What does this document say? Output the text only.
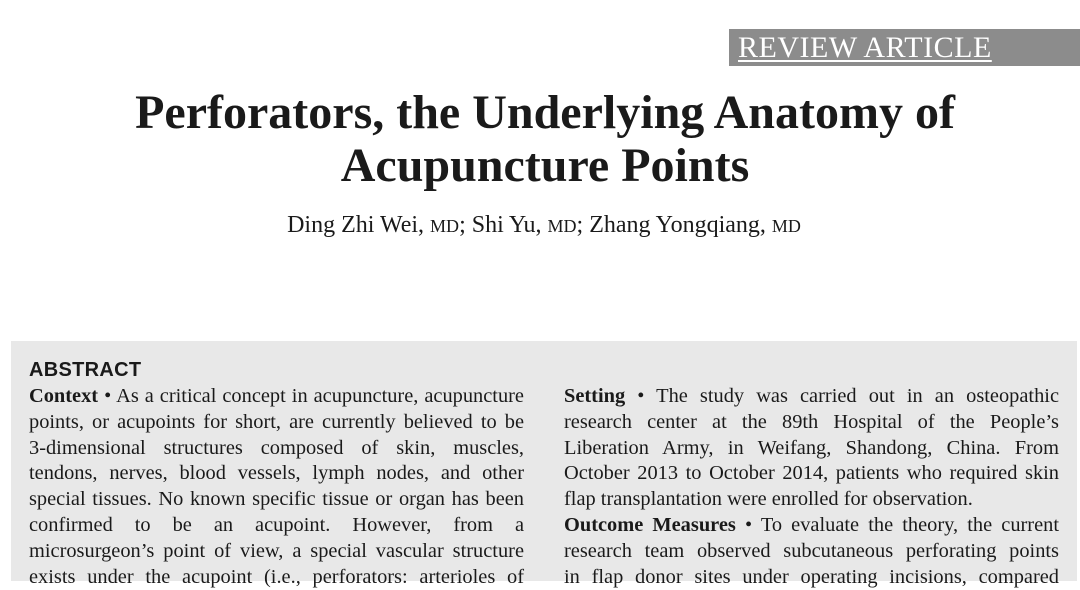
REVIEW ARTICLE
Perforators, the Underlying Anatomy of
Acupuncture Points
Ding Zhi Wei, MD; Shi Yu, MD; Zhang Yongqiang, MD
ABSTRACT
Context • As a critical concept in acupuncture, acupuncture
points, or acupoints for short, are currently believed to be
3-dimensional structures composed of skin, muscles,
tendons, nerves, blood vessels, lymph nodes, and other
special tissues. No known specific tissue or organ has been
confirmed to be an acupoint. However, from a
microsurgeon’s point of view, a special vascular structure
exists under the acupoint (i.e., perforators: arterioles of
Setting • The study was carried out in an osteopathic
research center at the 89th Hospital of the People’s
Liberation Army, in Weifang, Shandong, China. From
October 2013 to October 2014, patients who required skin
flap transplantation were enrolled for observation.
Outcome Measures • To evaluate the theory, the current
research team observed subcutaneous perforating points
in flap donor sites under operating incisions, compared
